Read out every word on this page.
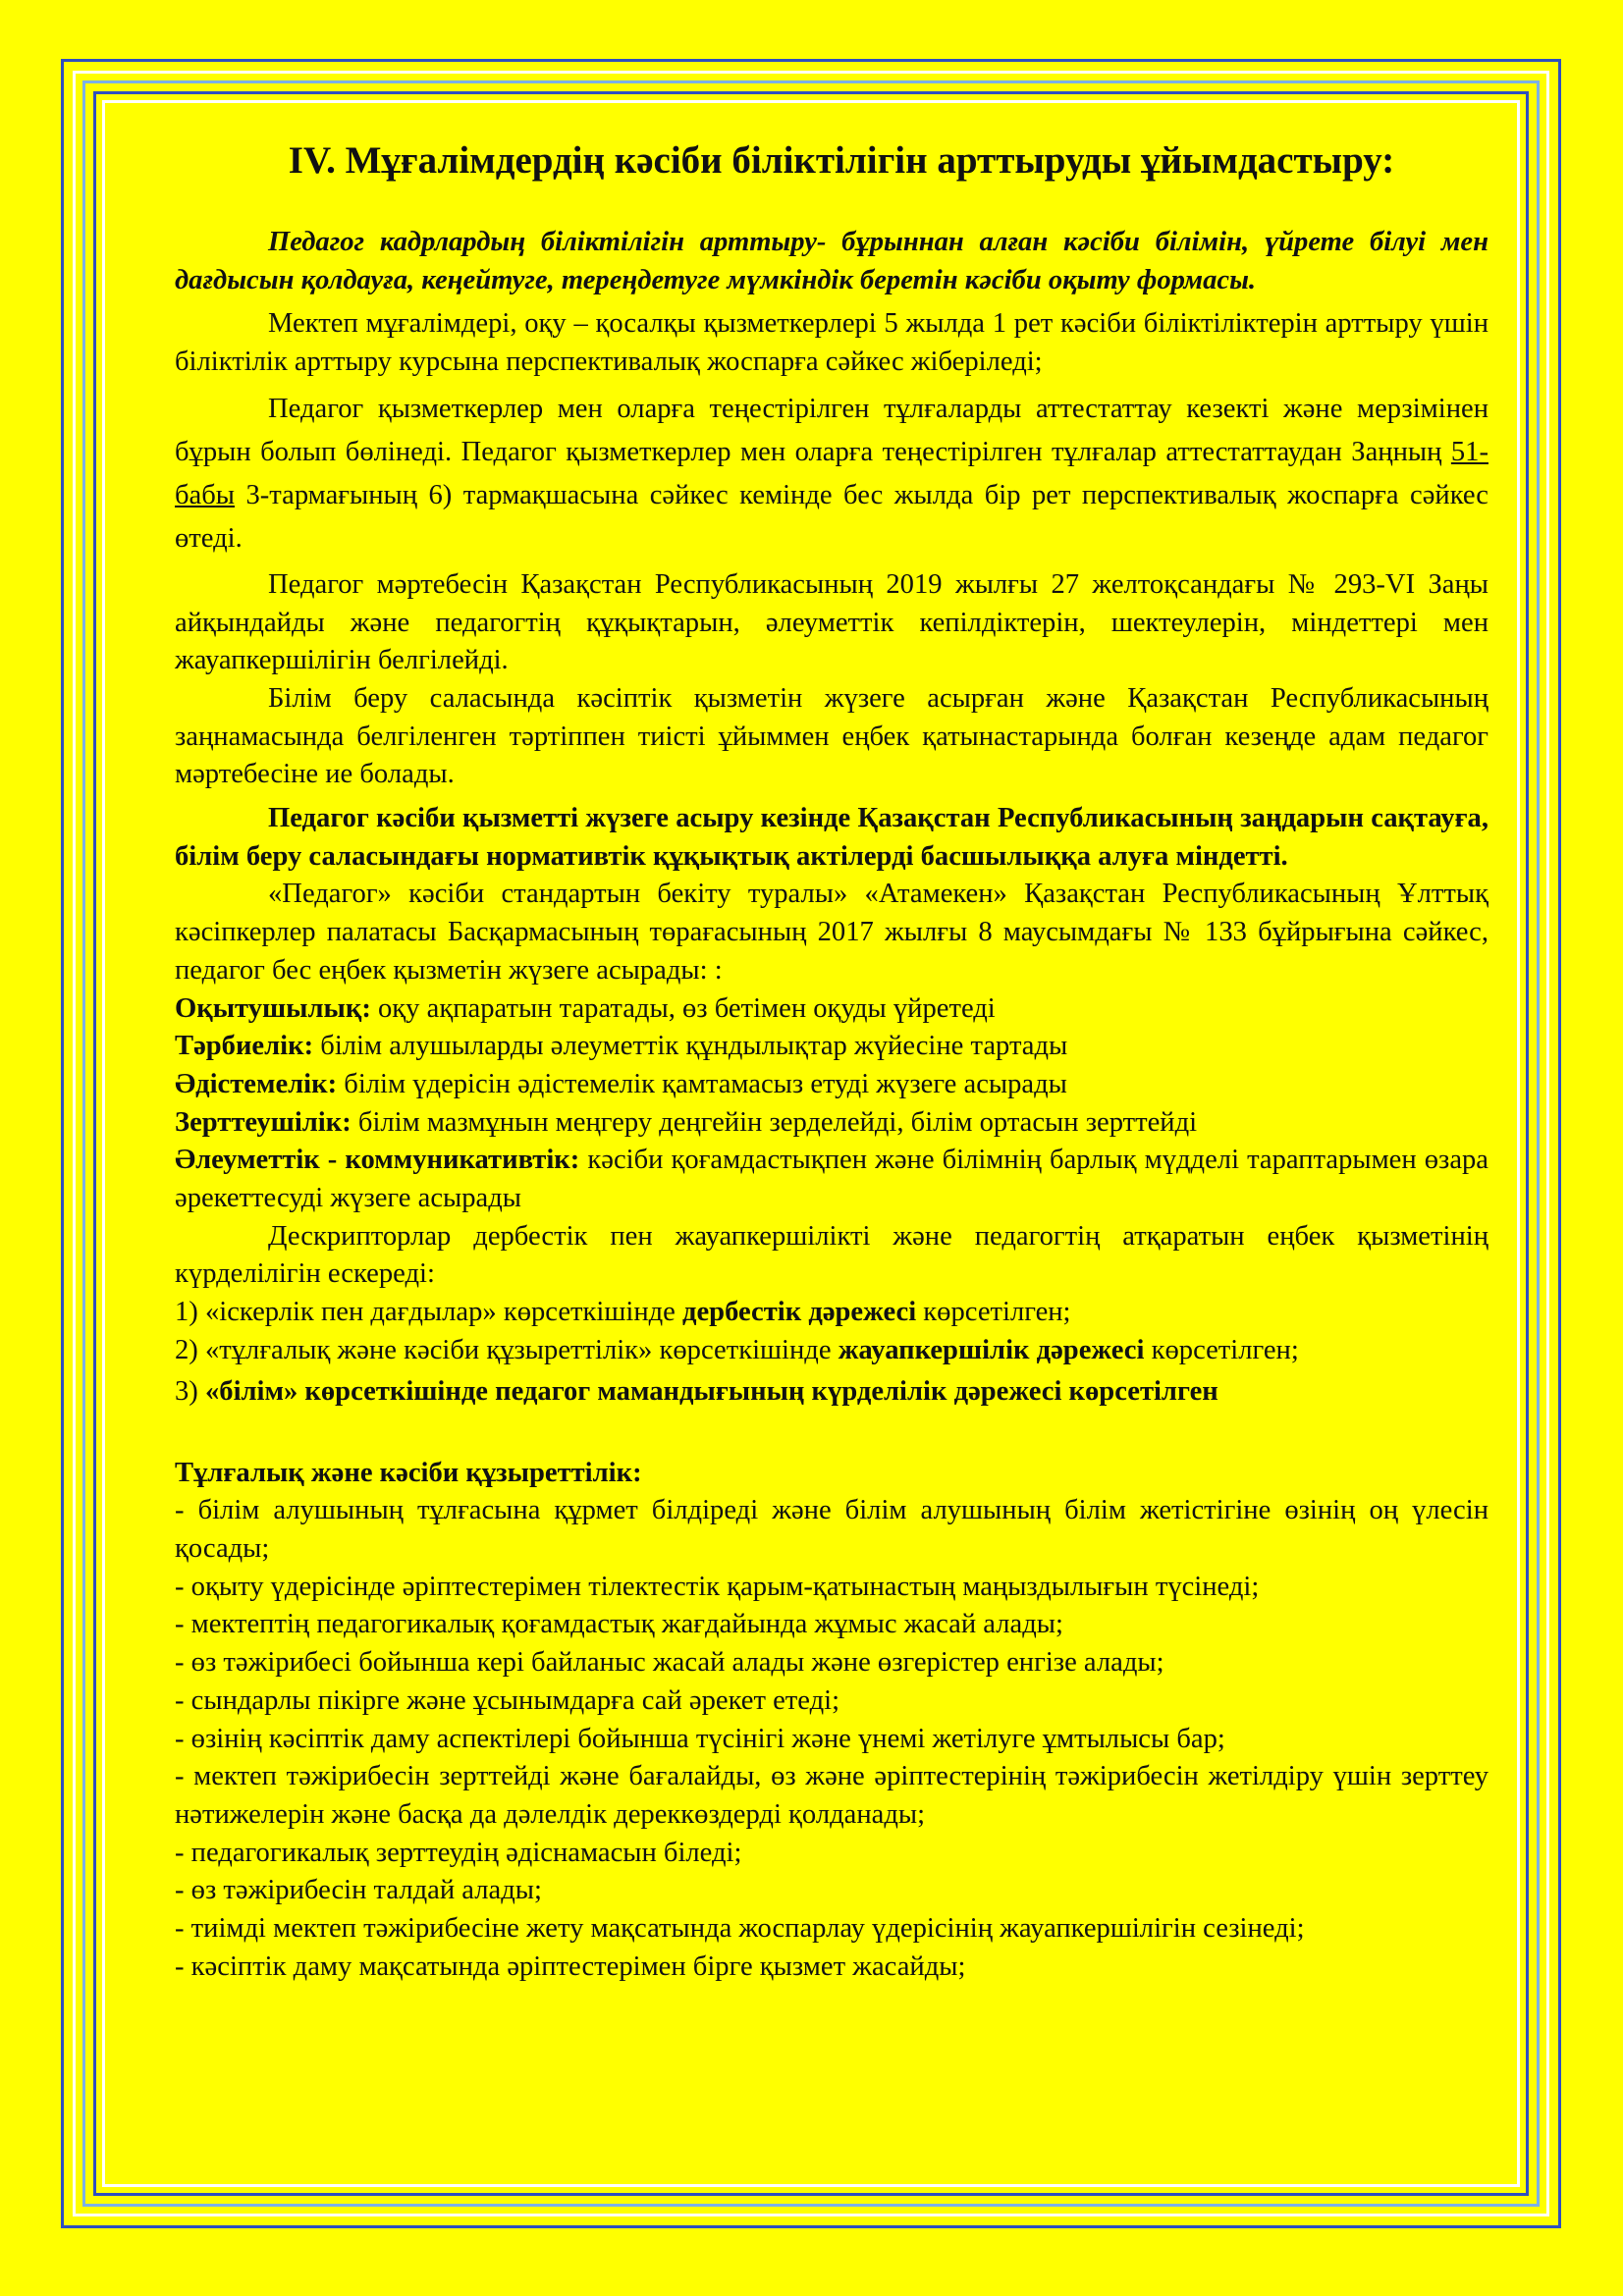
IV. Мұғалімдердің кәсіби біліктілігін арттыруды ұйымдастыру:

Педагог кадрлардың біліктілігін арттыру- бұрыннан алған кәсіби білімін, үйрете білуі мен дағдысын қолдауға, кеңейтуге, тереңдетуге мүмкіндік беретін кәсіби оқыту формасы.

Мектеп мұғалімдері, оқу – қосалқы қызметкерлері 5 жылда 1 рет кәсіби біліктіліктерін арттыру үшін біліктілік арттыру курсына перспективалық жоспарға сәйкес жіберіледі;

Педагог қызметкерлер мен оларға теңестірілген тұлғаларды аттестаттау кезекті және мерзімінен бұрын болып бөлінеді. Педагог қызметкерлер мен оларға теңестірілген тұлғалар аттестаттаудан Заңның 51-бабы 3-тармағының 6) тармақшасына сәйкес кемінде бес жылда бір рет перспективалық жоспарға сәйкес өтеді.

Педагог мәртебесін Қазақстан Республикасының 2019 жылғы 27 желтоқсандағы № 293-VI Заңы айқындайды және педагогтің құқықтарын, әлеуметтік кепілдіктерін, шектеулерін, міндеттері мен жауапкершілігін белгілейді.

Білім беру саласында кәсіптік қызметін жүзеге асырған және Қазақстан Республикасының заңнамасында белгіленген тәртіппен тиісті ұйыммен еңбек қатынастарында болған кезеңде адам педагог мәртебесіне ие болады.

Педагог кәсіби қызметті жүзеге асыру кезінде Қазақстан Республикасының заңдарын сақтауға, білім беру саласындағы нормативтік құқықтық актілерді басшылыққа алуға міндетті.

«Педагог» кәсіби стандартын бекіту туралы» «Атамекен» Қазақстан Республикасының Ұлттық кәсіпкерлер палатасы Басқармасының төрағасының 2017 жылғы 8 маусымдағы № 133 бұйрығына сәйкес, педагог бес еңбек қызметін жүзеге асырады: :

Оқытушылық: оқу ақпаратын таратады, өз бетімен оқуды үйретеді

Тәрбиелік: білім алушыларды әлеуметтік құндылықтар жүйесіне тартады

Әдістемелік: білім үдерісін әдістемелік қамтамасыз етуді жүзеге асырады

Зерттеушілік: білім мазмұнын меңгеру деңгейін зерделейді, білім ортасын зерттейді

Әлеуметтік - коммуникативтік: кәсіби қоғамдастықпен және білімнің барлық мүдделі тараптарымен өзара әрекеттесуді жүзеге асырады

Дескрипторлар дербестік пен жауапкершілікті және педагогтің атқаратын еңбек қызметінің күрделілігін ескереді:

1) «іскерлік пен дағдылар» көрсеткішінде дербестік дәрежесі көрсетілген;

2) «тұлғалық және кәсіби құзыреттілік» көрсеткішінде жауапкершілік дәрежесі көрсетілген;

3) «білім» көрсеткішінде педагог мамандығының күрделілік дәрежесі көрсетілген

Тұлғалық және кәсіби құзыреттілік:

- білім алушының тұлғасына құрмет білдіреді және білім алушының білім жетістігіне өзінің оң үлесін қосады;

- оқыту үдерісінде әріптестерімен тілектестік қарым-қатынастың маңыздылығын түсінеді;

- мектептің педагогикалық қоғамдастық жағдайында жұмыс жасай алады;

- өз тәжірибесі бойынша кері байланыс жасай алады және өзгерістер енгізе алады;

- сындарлы пікірге және ұсынымдарға сай әрекет етеді;

- өзінің кәсіптік даму аспектілері бойынша түсінігі және үнемі жетілуге ұмтылысы бар;

- мектеп тәжірибесін зерттейді және бағалайды, өз және әріптестерінің тәжірибесін жетілдіру үшін зерттеу нәтижелерін және басқа да дәлелдік дереккөздерді қолданады;

- педагогикалық зерттеудің әдіснамасын біледі;

- өз тәжірибесін талдай алады;

- тиімді мектеп тәжірибесіне жету мақсатында жоспарлау үдерісінің жауапкершілігін сезінеді;

- кәсіптік даму мақсатында әріптестерімен бірге қызмет жасайды;
